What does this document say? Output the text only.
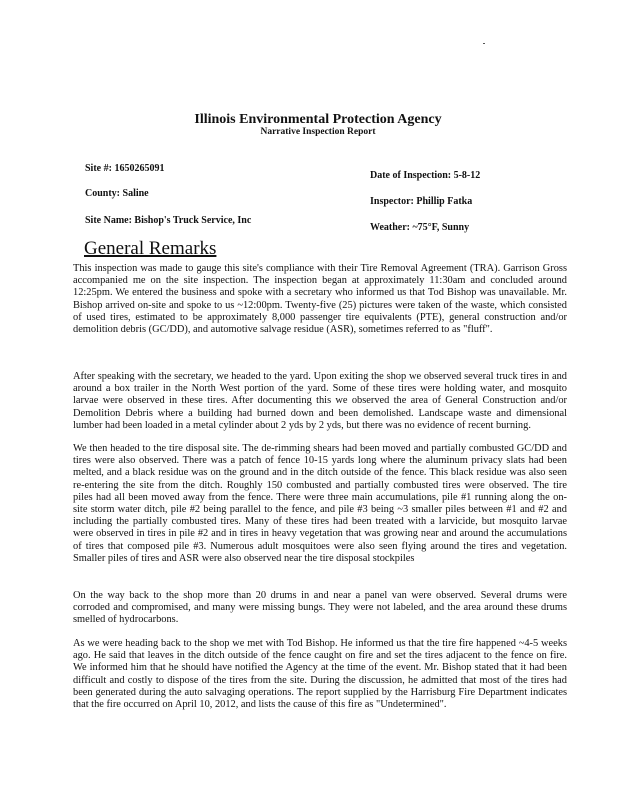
Illinois Environmental Protection Agency
Narrative Inspection Report
Site #: 1650265091
County: Saline
Site Name: Bishop's Truck Service, Inc
Date of Inspection: 5-8-12
Inspector: Phillip Fatka
Weather: ~75°F, Sunny
General Remarks
This inspection was made to gauge this site's compliance with their Tire Removal Agreement (TRA). Garrison Gross
accompanied me on the site inspection. The inspection began at approximately 11:30am and concluded around
12:25pm. We entered the business and spoke with a secretary who informed us that Tod Bishop was unavailable. Mr.
Bishop arrived on-site and spoke to us ~12:00pm. Twenty-five (25) pictures were taken of the waste, which consisted
of used tires, estimated to be approximately 8,000 passenger tire equivalents (PTE), general construction and/or
demolition debris (GC/DD), and automotive salvage residue (ASR), sometimes referred to as "fluff".
After speaking with the secretary, we headed to the yard. Upon exiting the shop we observed several truck tires in and
around a box trailer in the North West portion of the yard. Some of these tires were holding water, and mosquito
larvae were observed in these tires. After documenting this we observed the area of General Construction and/or
Demolition Debris where a building had burned down and been demolished. Landscape waste and dimensional
lumber had been loaded in a metal cylinder about 2 yds by 2 yds, but there was no evidence of recent burning.
We then headed to the tire disposal site. The de-rimming shears had been moved and partially combusted GC/DD and
tires were also observed. There was a patch of fence 10-15 yards long where the aluminum privacy slats had been
melted, and a black residue was on the ground and in the ditch outside of the fence. This black residue was also seen
re-entering the site from the ditch. Roughly 150 combusted and partially combusted tires were observed. The tire
piles had all been moved away from the fence. There were three main accumulations, pile #1 running along the on-
site storm water ditch, pile #2 being parallel to the fence, and pile #3 being ~3 smaller piles between #1 and #2 and
including the partially combusted tires. Many of these tires had been treated with a larvicide, but mosquito larvae
were observed in tires in pile #2 and in tires in heavy vegetation that was growing near and around the accumulations
of tires that composed pile #3. Numerous adult mosquitoes were also seen flying around the tires and vegetation.
Smaller piles of tires and ASR were also observed near the tire disposal stockpiles
On the way back to the shop more than 20 drums in and near a panel van were observed. Several drums were
corroded and compromised, and many were missing bungs. They were not labeled, and the area around these drums
smelled of hydrocarbons.
As we were heading back to the shop we met with Tod Bishop. He informed us that the tire fire happened ~4-5 weeks
ago. He said that leaves in the ditch outside of the fence caught on fire and set the tires adjacent to the fence on fire.
We informed him that he should have notified the Agency at the time of the event. Mr. Bishop stated that it had been
difficult and costly to dispose of the tires from the site. During the discussion, he admitted that most of the tires had
been generated during the auto salvaging operations. The report supplied by the Harrisburg Fire Department indicates
that the fire occurred on April 10, 2012, and lists the cause of this fire as "Undetermined".
